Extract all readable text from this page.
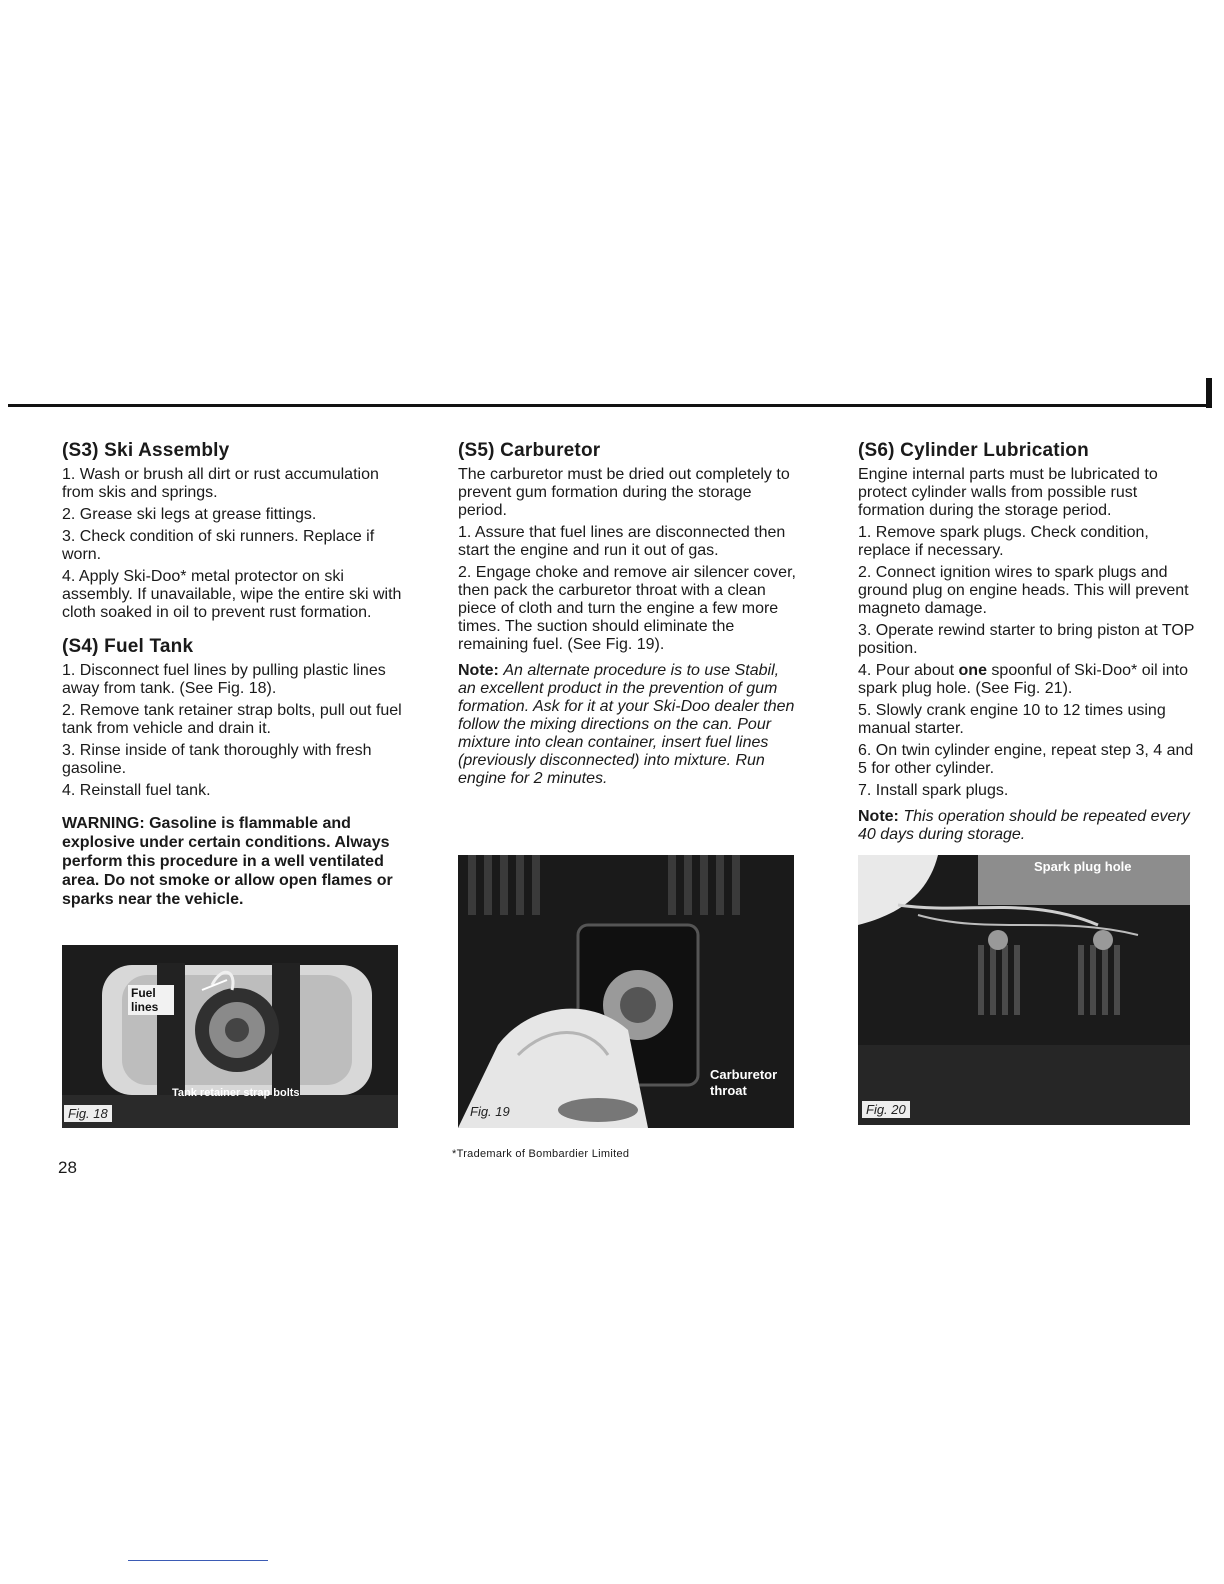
(S3) Ski Assembly

1. Wash or brush all dirt or rust accumulation from skis and springs.

2. Grease ski legs at grease fittings.

3. Check condition of ski runners. Replace if worn.

4. Apply Ski-Doo* metal protector on ski assembly. If unavailable, wipe the entire ski with cloth soaked in oil to prevent rust formation.

(S4) Fuel Tank

1. Disconnect fuel lines by pulling plastic lines away from tank. (See Fig. 18).

2. Remove tank retainer strap bolts, pull out fuel tank from vehicle and drain it.

3. Rinse inside of tank thoroughly with fresh gasoline.

4. Reinstall fuel tank.

WARNING: Gasoline is flammable and explosive under certain conditions. Always perform this procedure in a well ventilated area. Do not smoke or allow open flames or sparks near the vehicle.

(S5) Carburetor

The carburetor must be dried out completely to prevent gum formation during the storage period.

1. Assure that fuel lines are disconnected then start the engine and run it out of gas.

2. Engage choke and remove air silencer cover, then pack the carburetor throat with a clean piece of cloth and turn the engine a few more times. The suction should eliminate the remaining fuel. (See Fig. 19).

Note: An alternate procedure is to use Stabil, an excellent product in the prevention of gum formation. Ask for it at your Ski-Doo dealer then follow the mixing directions on the can. Pour mixture into clean container, insert fuel lines (previously disconnected) into mixture. Run engine for 2 minutes.

(S6) Cylinder Lubrication

Engine internal parts must be lubricated to protect cylinder walls from possible rust formation during the storage period.

1. Remove spark plugs. Check condition, replace if necessary.

2. Connect ignition wires to spark plugs and ground plug on engine heads. This will prevent magneto damage.

3. Operate rewind starter to bring piston at TOP position.

4. Pour about one spoonful of Ski-Doo* oil into spark plug hole. (See Fig. 21).

5. Slowly crank engine 10 to 12 times using manual starter.

6. On twin cylinder engine, repeat step 3, 4 and 5 for other cylinder.

7. Install spark plugs.

Note: This operation should be repeated every 40 days during storage.

Fuel lines
Tank retainer strap bolts
Fig. 18
Carburetor throat
Fig. 19
Spark plug hole
Fig. 20
28
*Trademark of Bombardier Limited
